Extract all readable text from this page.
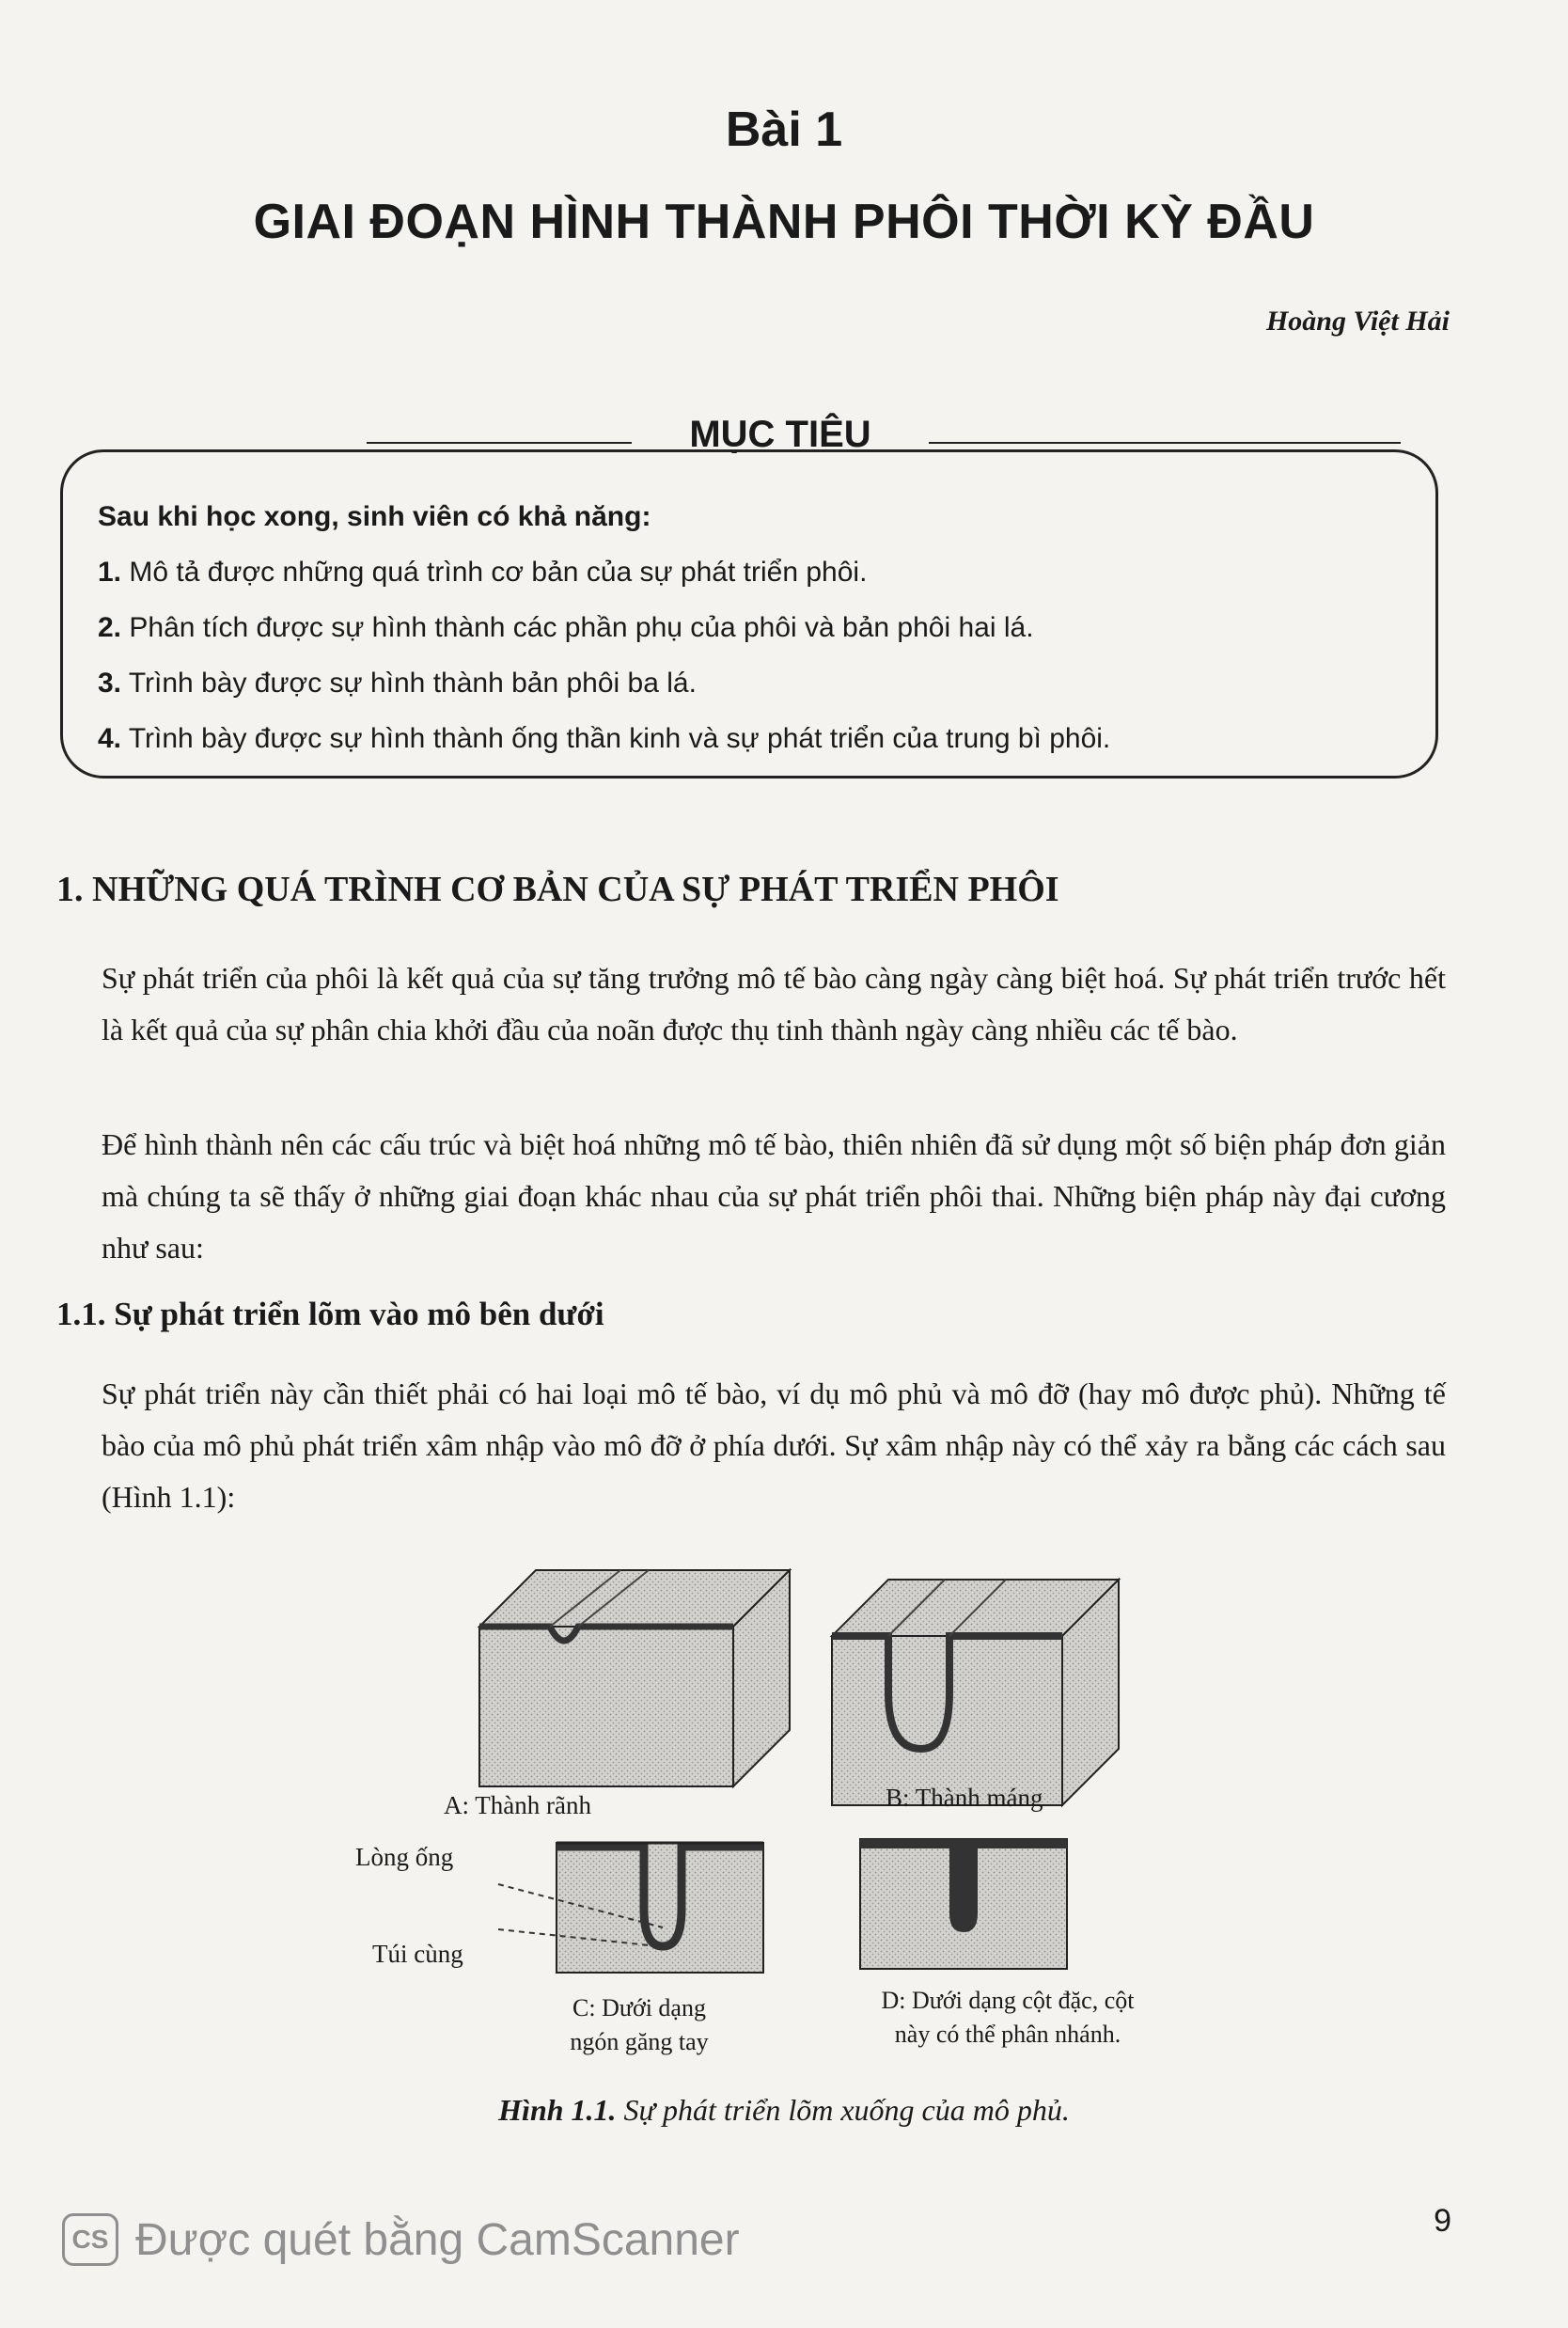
Bài 1
GIAI ĐOẠN HÌNH THÀNH PHÔI THỜI KỲ ĐẦU
Hoàng Việt Hải
MỤC TIÊU
Sau khi học xong, sinh viên có khả năng:
1. Mô tả được những quá trình cơ bản của sự phát triển phôi.
2. Phân tích được sự hình thành các phần phụ của phôi và bản phôi hai lá.
3. Trình bày được sự hình thành bản phôi ba lá.
4. Trình bày được sự hình thành ống thần kinh và sự phát triển của trung bì phôi.
1. NHỮNG QUÁ TRÌNH CƠ BẢN CỦA SỰ PHÁT TRIỂN PHÔI
Sự phát triển của phôi là kết quả của sự tăng trưởng mô tế bào càng ngày càng biệt hoá. Sự phát triển trước hết là kết quả của sự phân chia khởi đầu của noãn được thụ tinh thành ngày càng nhiều các tế bào.
Để hình thành nên các cấu trúc và biệt hoá những mô tế bào, thiên nhiên đã sử dụng một số biện pháp đơn giản mà chúng ta sẽ thấy ở những giai đoạn khác nhau của sự phát triển phôi thai. Những biện pháp này đại cương như sau:
1.1. Sự phát triển lõm vào mô bên dưới
Sự phát triển này cần thiết phải có hai loại mô tế bào, ví dụ mô phủ và mô đỡ (hay mô được phủ). Những tế bào của mô phủ phát triển xâm nhập vào mô đỡ ở phía dưới. Sự xâm nhập này có thể xảy ra bằng các cách sau (Hình 1.1):
A: Thành rãnh	B: Thành máng
Lòng ống
Túi cùng
C: Dưới dạng
ngón găng tay
D: Dưới dạng cột đặc, cột
này có thể phân nhánh.
Hình 1.1. Sự phát triển lõm xuống của mô phủ.
9
CS Được quét bằng CamScanner
